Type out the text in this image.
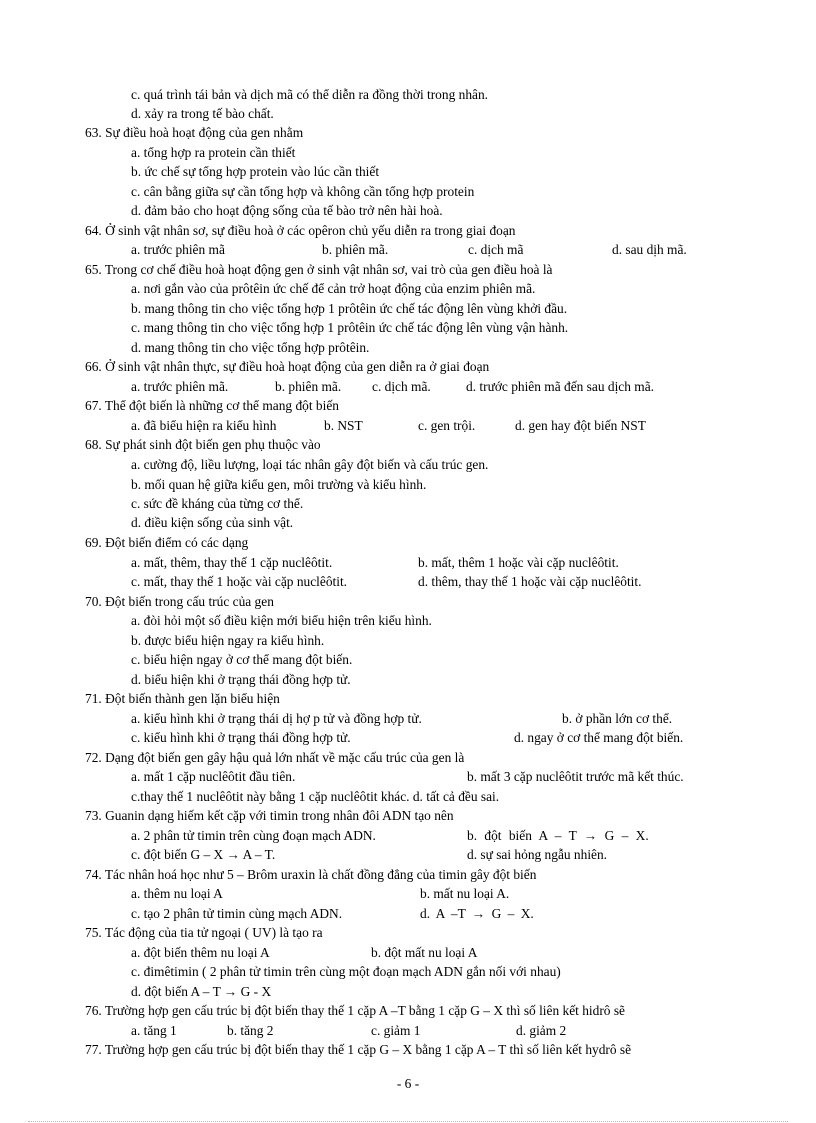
c. quá trình tái bản và dịch mã có thể diễn ra đồng thời trong nhân.
d. xảy ra trong tế bào chất.
63. Sự điều hoà hoạt động của gen nhằm
a. tổng hợp ra protein cần thiết
b. ức chế sự tổng hợp protein vào lúc cần thiết
c. cân bằng giữa sự cần tổng hợp và không cần tổng hợp protein
d. đảm bảo cho hoạt động sống của tế bào trở nên hài hoà.
64. Ở sinh vật nhân sơ, sự điều hoà ở các opêron chủ yếu diễn ra trong giai đoạn
a. trước phiên mã	b. phiên mã.	c. dịch mã	d. sau dịh mã.
65. Trong cơ chế điều hoà hoạt động gen ở sinh vật nhân sơ, vai trò của gen điều hoà là
a. nơi gắn vào của prôtêin ức chế để cản trở hoạt động của enzim phiên mã.
b. mang thông tin cho việc tổng hợp 1 prôtêin ức chế tác động lên vùng khởi đầu.
c. mang thông tin cho việc tổng hợp 1 prôtêin ức chế tác động lên vùng vận hành.
d. mang thông tin cho việc tổng hợp prôtêin.
66. Ở sinh vật nhân thực, sự điều hoà hoạt động của gen diễn ra ở giai đoạn
a. trước phiên mã.	b. phiên mã. c. dịch mã.	d. trước phiên mã đến sau dịch mã.
67. Thể đột biến là những cơ thể mang đột biến
a. đã biểu hiện ra kiểu hình	b. NST	c. gen trội.	d. gen hay đột biến NST
68. Sự phát sinh đột biến gen phụ thuộc vào
a. cường độ, liều lượng, loại tác nhân gây đột biến và cấu trúc gen.
b. mối quan hệ giữa kiểu gen, môi trường và kiểu hình.
c. sức đề kháng của từng cơ thể.
d. điều kiện sống của sinh vật.
69. Đột biến điểm có các dạng
a. mất, thêm, thay thế 1 cặp nuclêôtit.	b. mất, thêm 1 hoặc vài cặp nuclêôtit.
c. mất, thay thế 1 hoặc vài cặp nuclêôtit.	d. thêm, thay thế 1 hoặc vài cặp nuclêôtit.
70. Đột biến trong cấu trúc của gen
a. đòi hỏi một số điều kiện mới biểu hiện trên kiểu hình.
b. được biểu hiện ngay ra kiểu hình.
c. biểu hiện ngay ở cơ thể mang đột biến.
d. biểu hiện khi ở trạng thái đồng hợp tử.
71. Đột biến thành gen lặn biểu hiện
a. kiểu hình khi ở trạng thái dị hợ p tử và đồng hợp tử.	b. ở phần lớn cơ thể.
c. kiểu hình khi ở trạng thái đồng hợp tử.	d. ngay ở cơ thể mang đột biến.
72. Dạng đột biến gen gây hậu quả lớn nhất về mặc cấu trúc của gen là
a. mất 1 cặp nuclêôtit đầu tiên.	b. mất 3 cặp nuclêôtit trước mã kết thúc.
c.thay thế 1 nuclêôtit này bằng 1 cặp nuclêôtit khác. d. tất cả đều sai.
73. Guanin dạng hiếm kết cặp với timin trong nhân đôi ADN tạo nên
a. 2 phân tử timin trên cùng đoạn mạch ADN.	b. đột biến A – T → G – X.
c. đột biến G – X → A – T.	d. sự sai hỏng ngẫu nhiên.
74. Tác nhân hoá học như 5 – Brôm uraxin là chất đồng đẳng của timin gây đột biến
a. thêm nu loại A	b. mất nu loại A.
c. tạo 2 phân tử timin cùng mạch ADN.	d. A –T → G – X.
75. Tác động của tia tử ngoại ( UV) là tạo ra
a. đột biến thêm nu loại A	b. đột mất nu loại A
c. đimêtimin ( 2 phân tử timin trên cùng một đoạn mạch ADN gắn nối với nhau)
d. đột biến A – T → G - X
76. Trường hợp gen cấu trúc bị đột biến thay thế 1 cặp A –T bằng 1 cặp G – X thì số liên kết hidrô sẽ
a. tăng 1	b. tăng 2	c. giảm 1	d. giảm 2
77. Trường hợp gen cấu trúc bị đột biến thay thế 1 cặp G – X bằng 1 cặp A – T thì số liên kết hydrô sẽ
- 6 -
